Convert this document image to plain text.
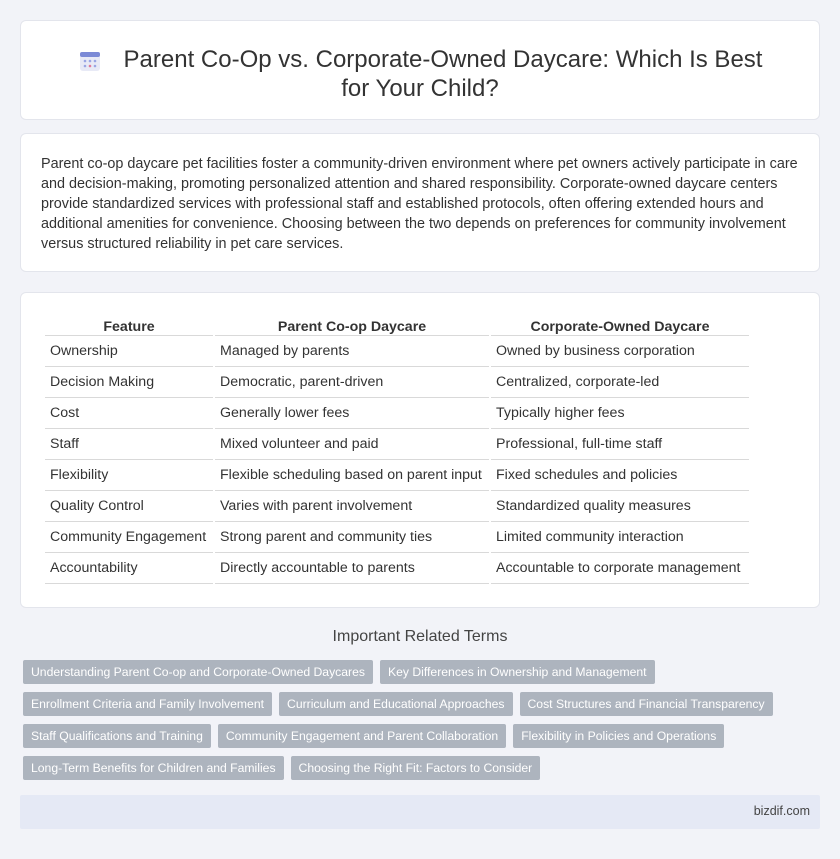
Parent Co-Op vs. Corporate-Owned Daycare: Which Is Best for Your Child?

Parent co-op daycare pet facilities foster a community-driven environment where pet owners actively participate in care and decision-making, promoting personalized attention and shared responsibility. Corporate-owned daycare centers provide standardized services with professional staff and established protocols, often offering extended hours and additional amenities for convenience. Choosing between the two depends on preferences for community involvement versus structured reliability in pet care services.

Feature	Parent Co-op Daycare	Corporate-Owned Daycare
Ownership	Managed by parents	Owned by business corporation
Decision Making	Democratic, parent-driven	Centralized, corporate-led
Cost	Generally lower fees	Typically higher fees
Staff	Mixed volunteer and paid	Professional, full-time staff
Flexibility	Flexible scheduling based on parent input	Fixed schedules and policies
Quality Control	Varies with parent involvement	Standardized quality measures
Community Engagement	Strong parent and community ties	Limited community interaction
Accountability	Directly accountable to parents	Accountable to corporate management
Important Related Terms
Understanding Parent Co-op and Corporate-Owned Daycares	Key Differences in Ownership and Management
Enrollment Criteria and Family Involvement	Curriculum and Educational Approaches	Cost Structures and Financial Transparency
Staff Qualifications and Training	Community Engagement and Parent Collaboration	Flexibility in Policies and Operations
Long-Term Benefits for Children and Families	Choosing the Right Fit: Factors to Consider
bizdif.com
